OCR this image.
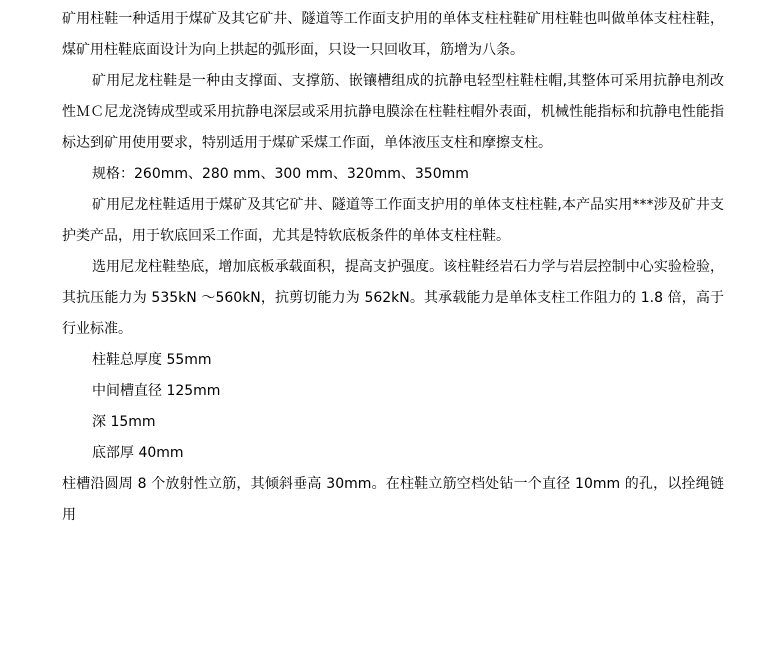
矿用柱鞋一种适用于煤矿及其它矿井、隧道等工作面支护用的单体支柱柱鞋矿用柱鞋也叫做单体支柱柱鞋，煤矿用柱鞋底面设计为向上拱起的弧形面，只设一只回收耳，筋增为八条。

矿用尼龙柱鞋是一种由支撑面、支撑筋、嵌镶槽组成的抗静电轻型柱鞋柱帽,其整体可采用抗静电剂改性ＭＣ尼龙浇铸成型或采用抗静电深层或采用抗静电膜涂在柱鞋柱帽外表面，机械性能指标和抗静电性能指标达到矿用使用要求，特别适用于煤矿采煤工作面，单体液压支柱和摩擦支柱。

规格：260mm、280 mm、300 mm、320mm、350mm

矿用尼龙柱鞋适用于煤矿及其它矿井、隧道等工作面支护用的单体支柱柱鞋,本产品实用***涉及矿井支护类产品，用于软底回采工作面，尤其是特软底板条件的单体支柱柱鞋。

选用尼龙柱鞋垫底，增加底板承载面积，提高支护强度。该柱鞋经岩石力学与岩层控制中心实验检验，其抗压能力为 535kN ～560kN，抗剪切能力为 562kN。其承载能力是单体支柱工作阻力的 1.8 倍，高于行业标准。

柱鞋总厚度 55mm

中间槽直径 125mm

深 15mm

底部厚 40mm

柱槽沿圆周 8 个放射性立筋，其倾斜垂高 30mm。在柱鞋立筋空档处钻一个直径 10mm 的孔，以拴绳链用
